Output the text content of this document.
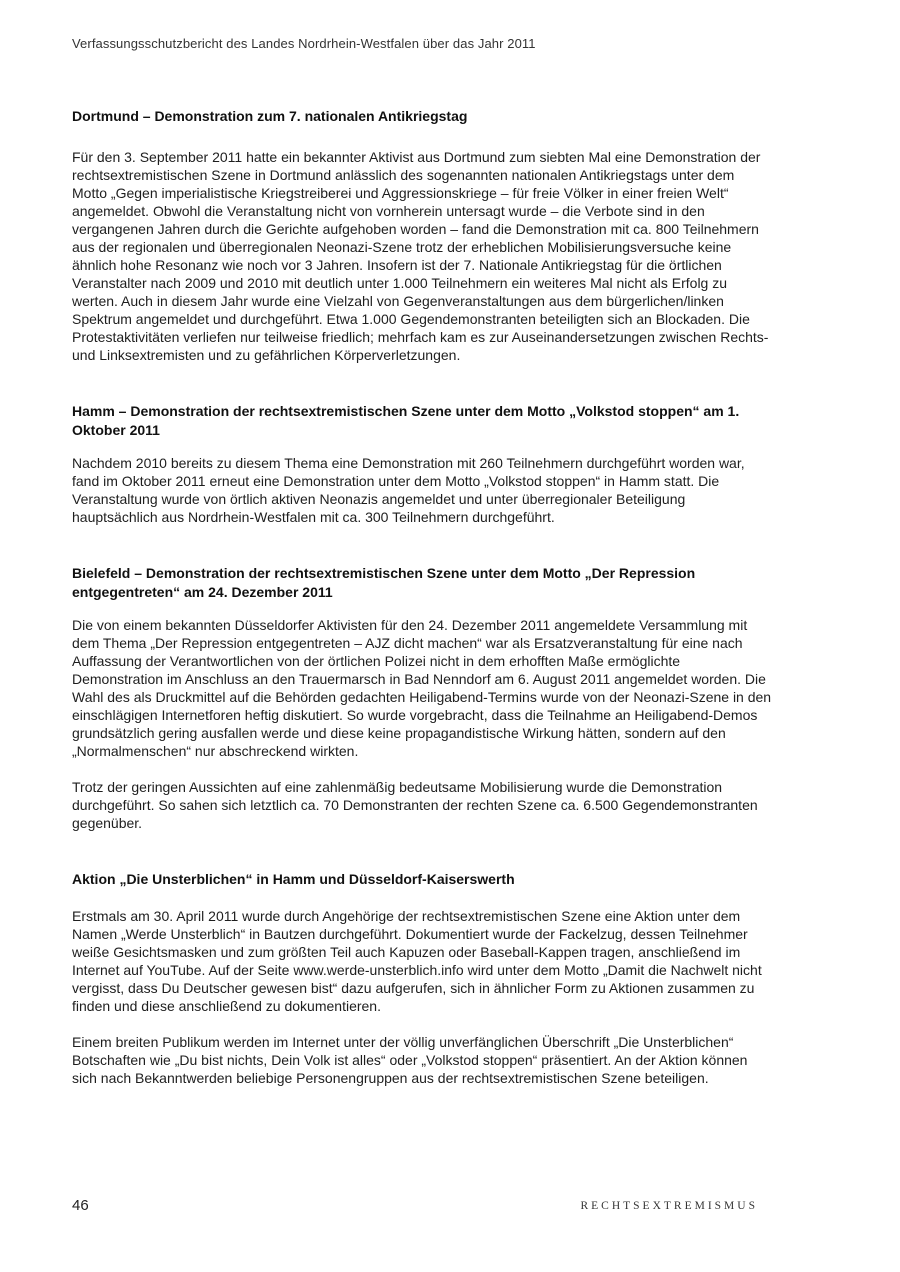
Verfassungsschutzbericht des Landes Nordrhein-Westfalen über das Jahr 2011
Dortmund – Demonstration zum 7. nationalen Antikriegstag

Für den 3. September 2011 hatte ein bekannter Aktivist aus Dortmund zum siebten Mal eine Demonstration der rechtsextremistischen Szene in Dortmund anlässlich des sogenannten nationalen Antikriegstags unter dem Motto „Gegen imperialistische Kriegstreiberei und Aggressionskriege – für freie Völker in einer freien Welt“ angemeldet. Obwohl die Veranstaltung nicht von vornherein untersagt wurde – die Verbote sind in den vergangenen Jahren durch die Gerichte aufgehoben worden – fand die Demonstration mit ca. 800 Teilnehmern aus der regionalen und überregionalen Neonazi-Szene trotz der erheblichen Mobilisierungsversuche keine ähnlich hohe Resonanz wie noch vor 3 Jahren. Insofern ist der 7. Nationale Antikriegstag für die örtlichen Veranstalter nach 2009 und 2010 mit deutlich unter 1.000 Teilnehmern ein weiteres Mal nicht als Erfolg zu werten. Auch in diesem Jahr wurde eine Vielzahl von Gegenveranstaltungen aus dem bürgerlichen/linken Spektrum angemeldet und durchgeführt. Etwa 1.000 Gegendemonstranten beteiligten sich an Blockaden. Die Protestaktivitäten verliefen nur teilweise friedlich; mehrfach kam es zur Auseinandersetzungen zwischen Rechts- und Linksextremisten und zu gefährlichen Körperverletzungen.

Hamm – Demonstration der rechtsextremistischen Szene unter dem Motto „Volkstod stoppen“ am 1. Oktober 2011

Nachdem 2010 bereits zu diesem Thema eine Demonstration mit 260 Teilnehmern durchgeführt worden war, fand im Oktober 2011 erneut eine Demonstration unter dem Motto „Volkstod stoppen“ in Hamm statt. Die Veranstaltung wurde von örtlich aktiven Neonazis angemeldet und unter überregionaler Beteiligung hauptsächlich aus Nordrhein-Westfalen mit ca. 300 Teilnehmern durchgeführt.

Bielefeld – Demonstration der rechtsextremistischen Szene unter dem Motto „Der Repression entgegentreten“ am 24. Dezember 2011

Die von einem bekannten Düsseldorfer Aktivisten für den 24. Dezember 2011 angemeldete Versammlung mit dem Thema „Der Repression entgegentreten – AJZ dicht machen“ war als Ersatzveranstaltung für eine nach Auffassung der Verantwortlichen von der örtlichen Polizei nicht in dem erhofften Maße ermöglichte Demonstration im Anschluss an den Trauermarsch in Bad Nenndorf am 6. August 2011 angemeldet worden. Die Wahl des als Druckmittel auf die Behörden gedachten Heiligabend-Termins wurde von der Neonazi-Szene in den einschlägigen Internetforen heftig diskutiert. So wurde vorgebracht, dass die Teilnahme an Heiligabend-Demos grundsätzlich gering ausfallen werde und diese keine propagandistische Wirkung hätten, sondern auf den „Normalmenschen“ nur abschreckend wirkten.

Trotz der geringen Aussichten auf eine zahlenmäßig bedeutsame Mobilisierung wurde die Demonstration durchgeführt. So sahen sich letztlich ca. 70 Demonstranten der rechten Szene ca. 6.500 Gegendemonstranten gegenüber.

Aktion „Die Unsterblichen“ in Hamm und Düsseldorf-Kaiserswerth

Erstmals am 30. April 2011 wurde durch Angehörige der rechtsextremistischen Szene eine Aktion unter dem Namen „Werde Unsterblich“ in Bautzen durchgeführt. Dokumentiert wurde der Fackelzug, dessen Teilnehmer weiße Gesichtsmasken und zum größten Teil auch Kapuzen oder Baseball-Kappen tragen, anschließend im Internet auf YouTube. Auf der Seite www.werde-unsterblich.info wird unter dem Motto „Damit die Nachwelt nicht vergisst, dass Du Deutscher gewesen bist“ dazu aufgerufen, sich in ähnlicher Form zu Aktionen zusammen zu finden und diese anschließend zu dokumentieren.

Einem breiten Publikum werden im Internet unter der völlig unverfänglichen Überschrift „Die Unsterblichen“ Botschaften wie „Du bist nichts, Dein Volk ist alles“ oder „Volkstod stoppen“ präsentiert. An der Aktion können sich nach Bekanntwerden beliebige Personengruppen aus der rechtsextremistischen Szene beteiligen.

46	RECHTSEXTREMISMUS
